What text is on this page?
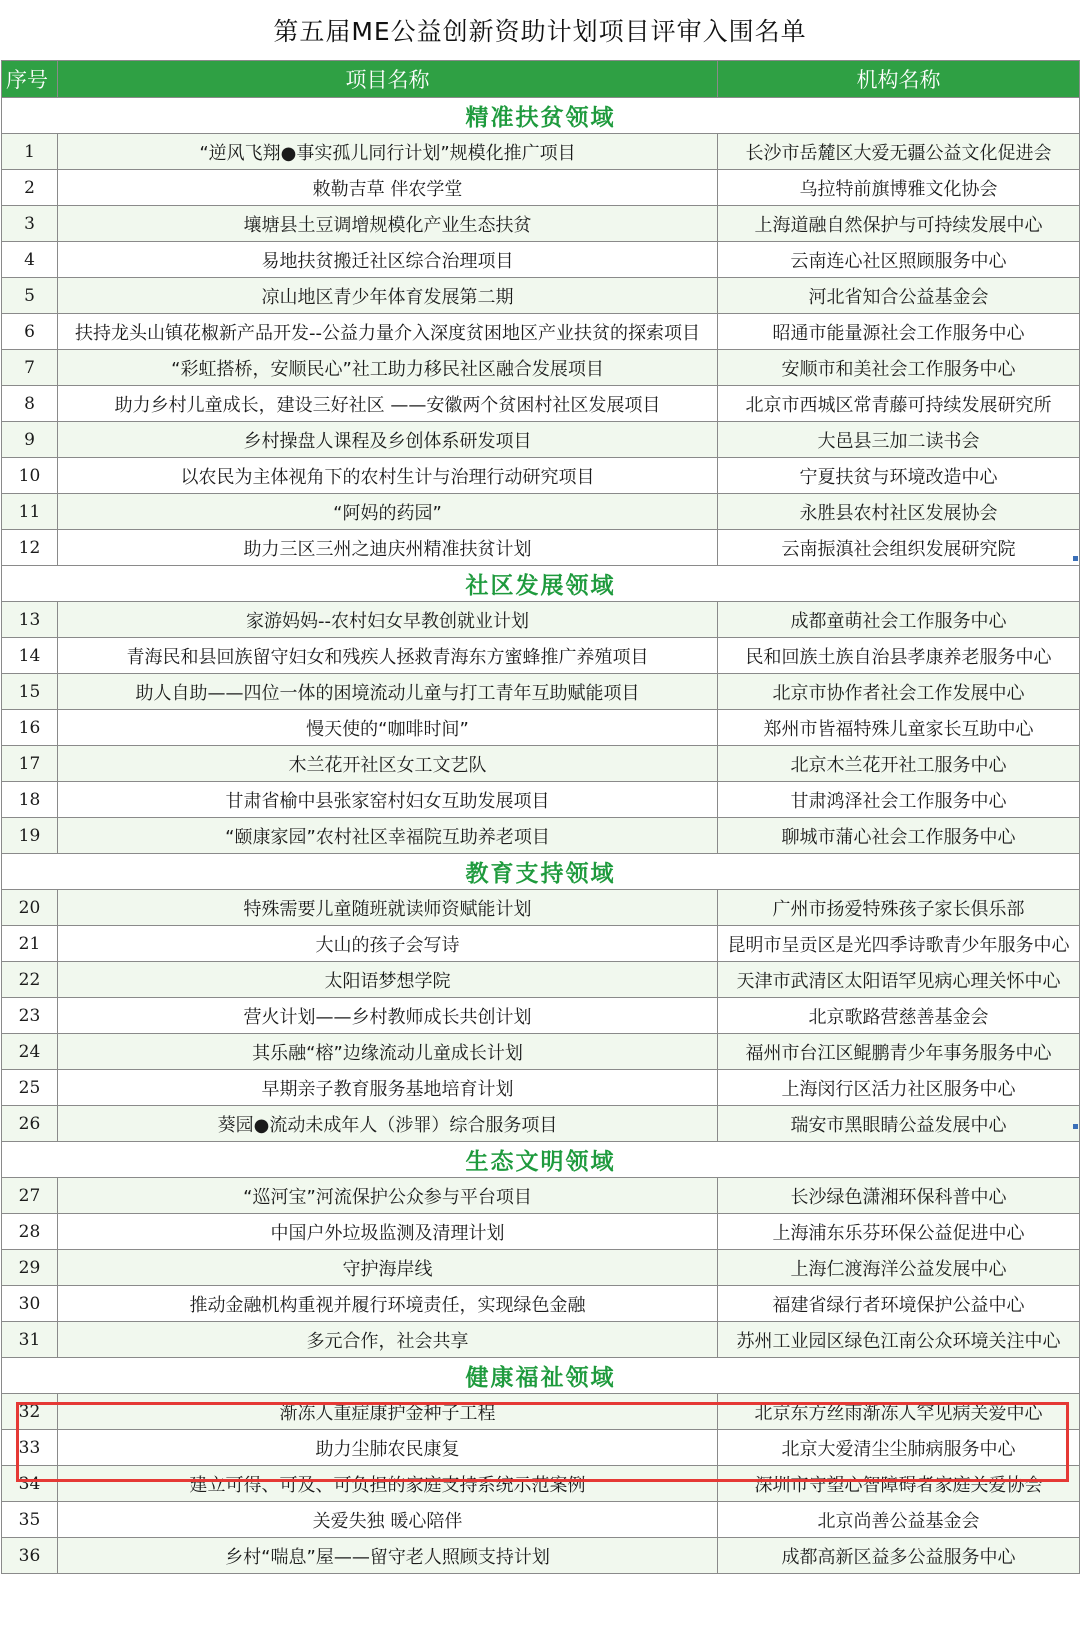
第五届ME公益创新资助计划项目评审入围名单
序号	项目名称	机构名称
精准扶贫领域		
1	“逆风飞翔●事实孤儿同行计划”规模化推广项目	长沙市岳麓区大爱无疆公益文化促进会
2	敕勒吉草 伴农学堂	乌拉特前旗博雅文化协会
3	壤塘县土豆调增规模化产业生态扶贫	上海道融自然保护与可持续发展中心
4	易地扶贫搬迁社区综合治理项目	云南连心社区照顾服务中心
5	凉山地区青少年体育发展第二期	河北省知合公益基金会
6	扶持龙头山镇花椒新产品开发--公益力量介入深度贫困地区产业扶贫的探索项目	昭通市能量源社会工作服务中心
7	“彩虹搭桥，安顺民心”社工助力移民社区融合发展项目	安顺市和美社会工作服务中心
8	助力乡村儿童成长，建设三好社区 ——安徽两个贫困村社区发展项目	北京市西城区常青藤可持续发展研究所
9	乡村操盘人课程及乡创体系研发项目	大邑县三加二读书会
10	以农民为主体视角下的农村生计与治理行动研究项目	宁夏扶贫与环境改造中心
11	“阿妈的药园”	永胜县农村社区发展协会
12	助力三区三州之迪庆州精准扶贫计划	云南振滇社会组织发展研究院
社区发展领域		
13	家游妈妈--农村妇女早教创就业计划	成都童萌社会工作服务中心
14	青海民和县回族留守妇女和残疾人拯救青海东方蜜蜂推广养殖项目	民和回族土族自治县孝康养老服务中心
15	助人自助——四位一体的困境流动儿童与打工青年互助赋能项目	北京市协作者社会工作发展中心
16	慢天使的“咖啡时间”	郑州市皆福特殊儿童家长互助中心
17	木兰花开社区女工文艺队	北京木兰花开社工服务中心
18	甘肃省榆中县张家窑村妇女互助发展项目	甘肃鸿泽社会工作服务中心
19	“颐康家园”农村社区幸福院互助养老项目	聊城市蒲心社会工作服务中心
教育支持领域		
20	特殊需要儿童随班就读师资赋能计划	广州市扬爱特殊孩子家长俱乐部
21	大山的孩子会写诗	昆明市呈贡区是光四季诗歌青少年服务中心
22	太阳语梦想学院	天津市武清区太阳语罕见病心理关怀中心
23	营火计划——乡村教师成长共创计划	北京歌路营慈善基金会
24	其乐融“榕”边缘流动儿童成长计划	福州市台江区鲲鹏青少年事务服务中心
25	早期亲子教育服务基地培育计划	上海闵行区活力社区服务中心
26	葵园●流动未成年人（涉罪）综合服务项目	瑞安市黑眼睛公益发展中心
生态文明领域		
27	“巡河宝”河流保护公众参与平台项目	长沙绿色潇湘环保科普中心
28	中国户外垃圾监测及清理计划	上海浦东乐芬环保公益促进中心
29	守护海岸线	上海仁渡海洋公益发展中心
30	推动金融机构重视并履行环境责任，实现绿色金融	福建省绿行者环境保护公益中心
31	多元合作，社会共享	苏州工业园区绿色江南公众环境关注中心
健康福祉领域		
32	渐冻人重症康护金种子工程	北京东方丝雨渐冻人罕见病关爱中心
33	助力尘肺农民康复	北京大爱清尘尘肺病服务中心
34	建立可得、可及、可负担的家庭支持系统示范案例	深圳市守望心智障碍者家庭关爱协会
35	关爱失独 暖心陪伴	北京尚善公益基金会
36	乡村“喘息”屋——留守老人照顾支持计划	成都高新区益多公益服务中心
